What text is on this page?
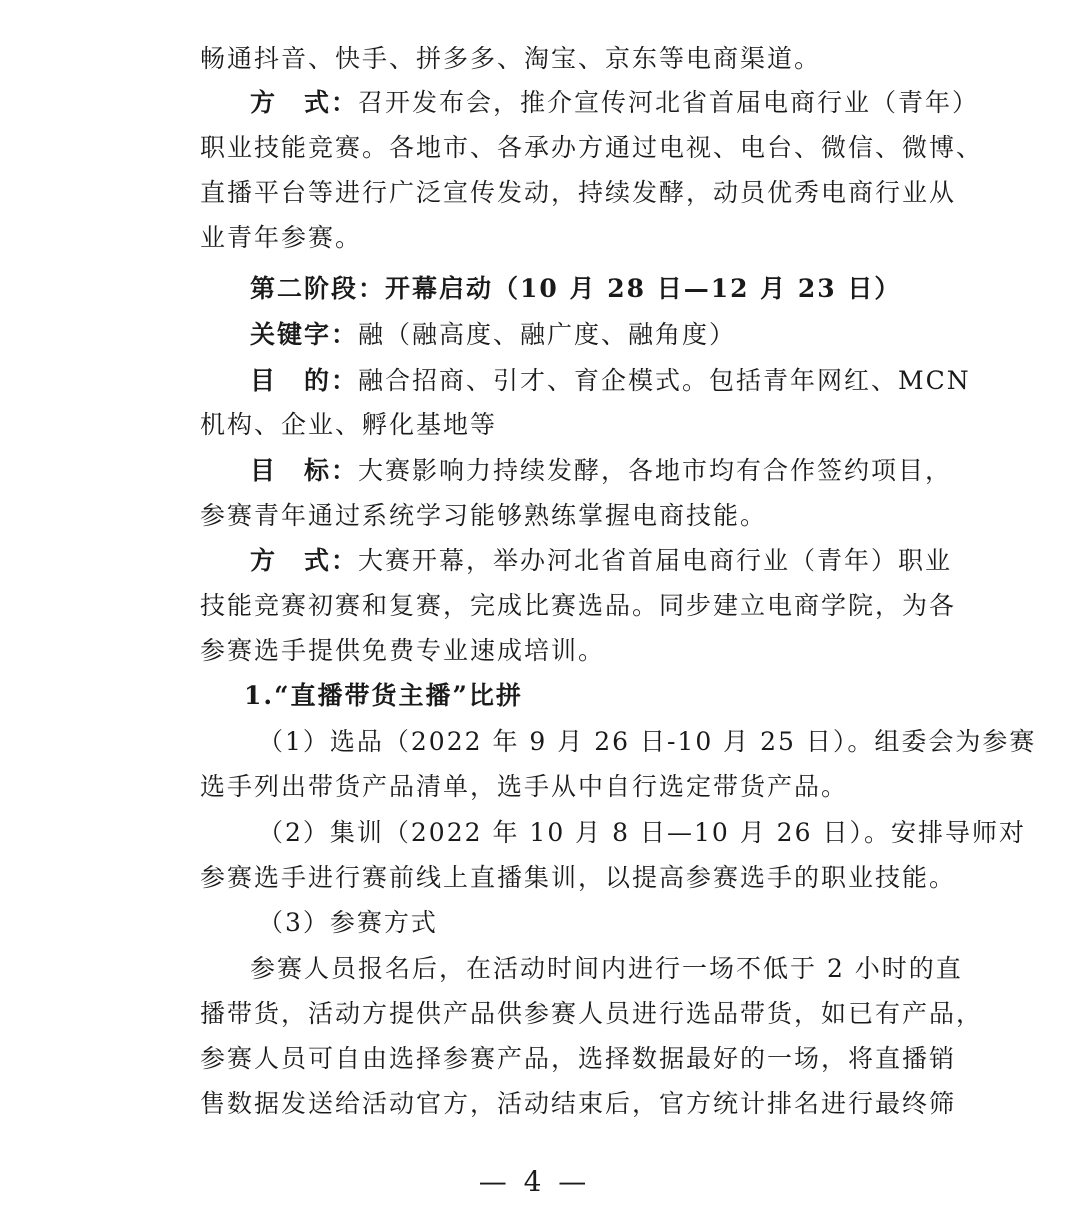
畅通抖音、快手、拼多多、淘宝、京东等电商渠道。
方　式：召开发布会，推介宣传河北省首届电商行业（青年）
职业技能竞赛。各地市、各承办方通过电视、电台、微信、微博、
直播平台等进行广泛宣传发动，持续发酵，动员优秀电商行业从
业青年参赛。
第二阶段：开幕启动（10 月 28 日—12 月 23 日）
关键字：融（融高度、融广度、融角度）
目　的：融合招商、引才、育企模式。包括青年网红、MCN
机构、企业、孵化基地等
目　标：大赛影响力持续发酵，各地市均有合作签约项目，
参赛青年通过系统学习能够熟练掌握电商技能。
方　式：大赛开幕，举办河北省首届电商行业（青年）职业
技能竞赛初赛和复赛，完成比赛选品。同步建立电商学院，为各
参赛选手提供免费专业速成培训。
1.“直播带货主播”比拼
（1）选品（2022 年 9 月 26 日-10 月 25 日）。组委会为参赛
选手列出带货产品清单，选手从中自行选定带货产品。
（2）集训（2022 年 10 月 8 日—10 月 26 日）。安排导师对
参赛选手进行赛前线上直播集训，以提高参赛选手的职业技能。
（3）参赛方式
参赛人员报名后，在活动时间内进行一场不低于 2 小时的直
播带货，活动方提供产品供参赛人员进行选品带货，如已有产品，
参赛人员可自由选择参赛产品，选择数据最好的一场，将直播销
售数据发送给活动官方，活动结束后，官方统计排名进行最终筛
— 4 —
